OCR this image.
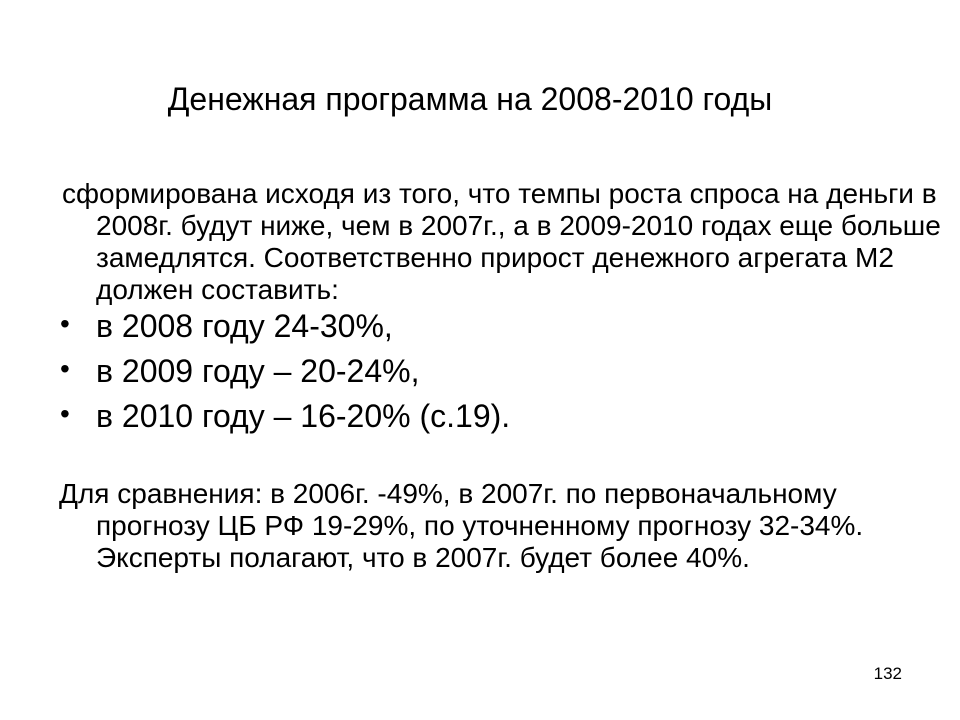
Денежная программа на 2008-2010 годы

сформирована исходя из того, что темпы роста спроса на деньги в 2008г. будут ниже, чем в 2007г., а в 2009-2010 годах еще больше замедлятся. Соответственно прирост денежного агрегата М2 должен составить:

• в 2008 году 24-30%,
• в 2009 году – 20-24%,
• в 2010 году – 16-20% (с.19).

Для сравнения: в 2006г. -49%, в 2007г. по первоначальному прогнозу ЦБ РФ 19-29%, по уточненному прогнозу 32-34%. Эксперты полагают, что в 2007г. будет более 40%.

132
